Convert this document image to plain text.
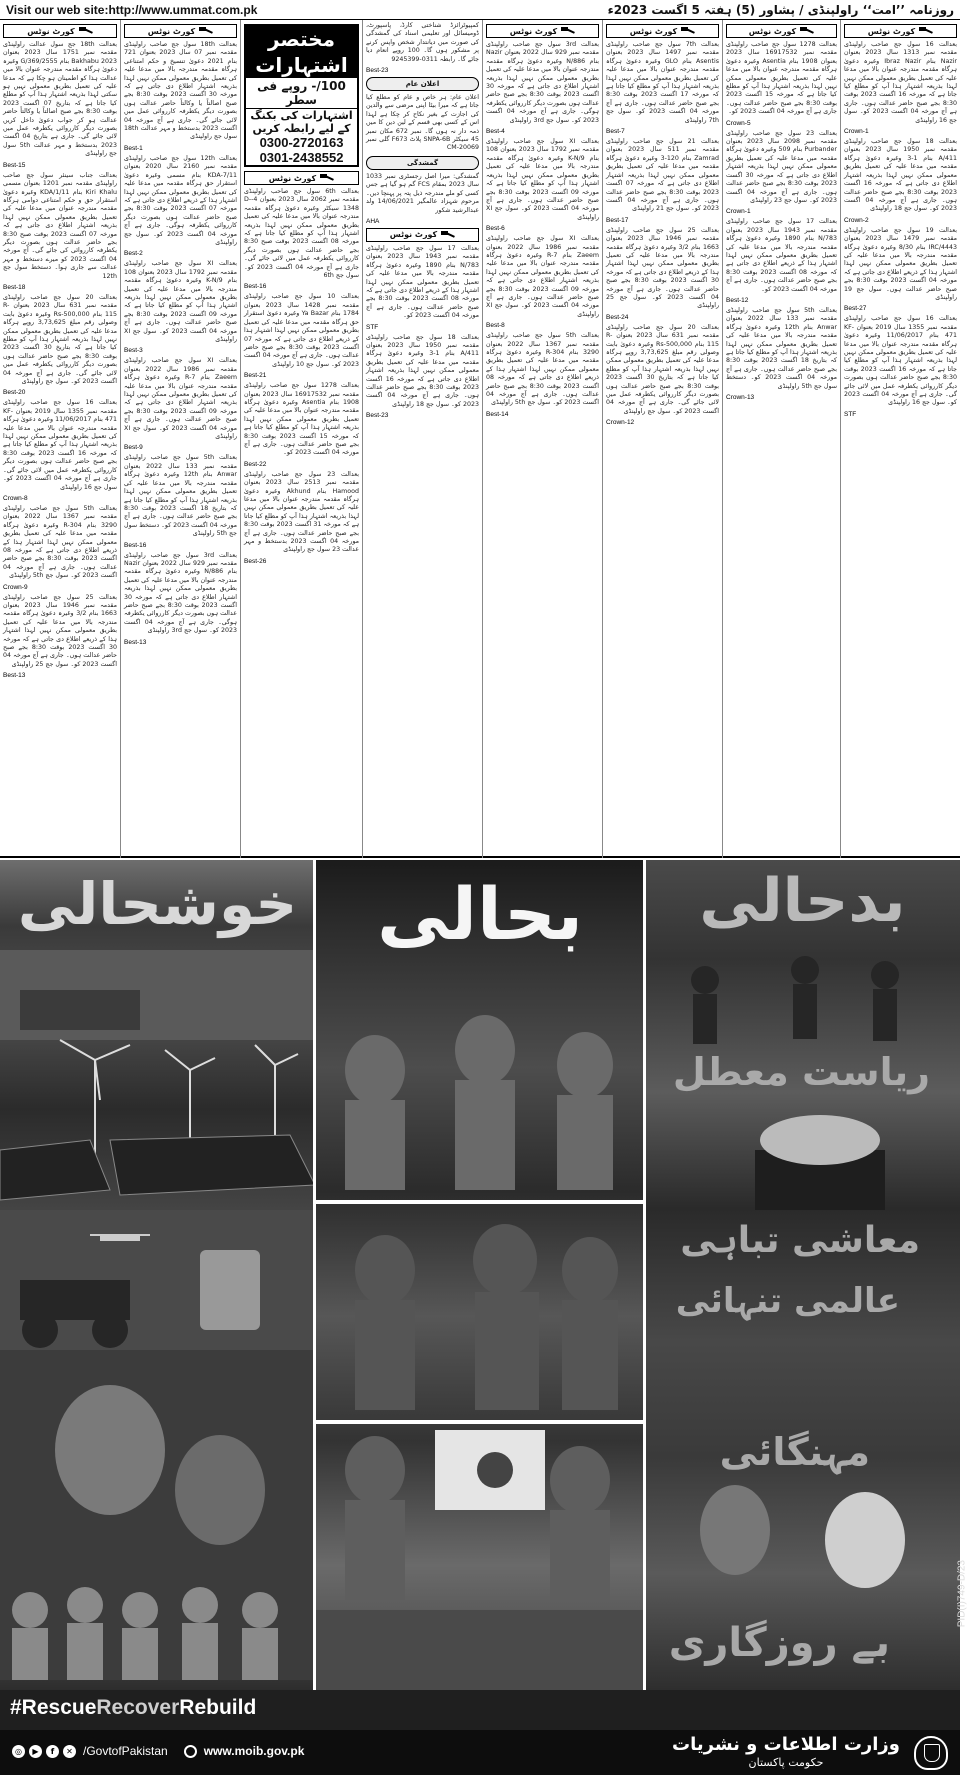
Visit our web site:http://www.ummat.com.pk	روزنامہ ’’امت‘‘ راولپنڈی / پشاور (5) ہفتہ 5 اگست 2023ء
کورٹ نوٹس
بعدالت 18th جج سول عدالت راولپنڈی مقدمہ نمبر 1751 سال 2023 بعنوان 2023 Bakhabu بنام 2555/G/369 وغیرہ دعویٰ ہرگاہ مقدمہ مندرجہ عنوان بالا میں عدالت ہذا کو اطمینان ہو چکا ہے کہ مدعا علیہ کی تعمیل بطریق معمولی نہیں ہو سکتی لہذا بذریعہ اشتہار ہذا آپ کو مطلع کیا جاتا ہے کہ بتاریخ 07 اگست 2023 بوقت 8:30 بجے صبح اصالتاً یا وکالتاً حاضر عدالت ہو کر جواب دعویٰ داخل کریں بصورت دیگر کارروائی یکطرفہ عمل میں لائی جائے گی۔ جاری ہے بتاریخ 04 اگست 2023 بدستخط و مہر عدالت 5th سول جج راولپنڈی
Best-15
بعدالت جناب سینئر سول جج صاحب راولپنڈی مقدمہ نمبر 1201 بعنوان مسمی Kiri Khalu بنام KDA/1/11 وغیرہ دعویٰ استقرار حق و حکم امتناعی دوامی ہرگاہ مقدمہ مندرجہ عنوان میں مدعا علیہ کی تعمیل بطریق معمولی ممکن نہیں لہذا بذریعہ اشتہار اطلاع دی جاتی ہے کہ مورخہ 07 اگست 2023 بوقت صبح 8:30 بجے حاضر عدالت ہوں بصورت دیگر یکطرفہ کارروائی کی جائے گی۔ آج مورخہ 04 اگست 2023 کو میرے دستخط و مہر عدالت سے جاری ہوا۔ دستخط سول جج 12th
Best-18
بعدالت 20 سول جج صاحب راولپنڈی مقدمہ نمبر 631 سال 2023 بعنوان R-115 بنام Rs-500,000 وغیرہ دعویٰ بابت وصولی رقم مبلغ 3,73,625 روپے ہرگاہ مدعا علیہ کی تعمیل بطریق معمولی ممکن نہیں لہذا بذریعہ اشتہار ہذا آپ کو مطلع کیا جاتا ہے کہ بتاریخ 30 اگست 2023 بوقت 8:30 بجے صبح حاضر عدالت ہوں بصورت دیگر کارروائی یکطرفہ عمل میں لائی جائے گی۔ جاری ہے آج مورخہ 04 اگست 2023 کو۔ سول جج راولپنڈی
Best-20
بعدالت 16 سول جج صاحب راولپنڈی مقدمہ نمبر 1355 سال 2019 بعنوان KF-471 بنام 11/06/2017 وغیرہ دعویٰ ہرگاہ مقدمہ مندرجہ عنوان بالا میں مدعا علیہ کی تعمیل بطریق معمولی ممکن نہیں لہذا بذریعہ اشتہار ہذا آپ کو مطلع کیا جاتا ہے کہ مورخہ 16 اگست 2023 بوقت 8:30 بجے صبح حاضر عدالت ہوں بصورت دیگر کارروائی یکطرفہ عمل میں لائی جائے گی۔ جاری ہے آج مورخہ 04 اگست 2023 کو۔ سول جج 16 راولپنڈی
Crown-8
بعدالت 5th سول جج صاحب راولپنڈی مقدمہ نمبر 1367 سال 2022 بعنوان 3290 بنام R-304 وغیرہ دعویٰ ہرگاہ مقدمہ میں مدعا علیہ کی تعمیل بطریق معمولی ممکن نہیں لہذا اشتہار ہذا کے ذریعے اطلاع دی جاتی ہے کہ مورخہ 08 اگست 2023 بوقت 8:30 بجے صبح حاضر عدالت ہوں۔ جاری ہے آج مورخہ 04 اگست 2023 کو۔ سول جج 5th راولپنڈی
Crown-9
بعدالت 25 سول جج صاحب راولپنڈی مقدمہ نمبر 1946 سال 2023 بعنوان 1663 بنام 3/2 وغیرہ دعویٰ ہرگاہ مقدمہ مندرجہ بالا میں مدعا علیہ کی تعمیل بطریق معمولی ممکن نہیں لہذا اشتہار ہذا کے ذریعے اطلاع دی جاتی ہے کہ مورخہ 30 اگست 2023 بوقت 8:30 بجے صبح حاضر عدالت ہوں۔ جاری ہے آج مورخہ 04 اگست 2023 کو۔ سول جج 25 راولپنڈی
Best-13
کورٹ نوٹس
بعدالت 18th سول جج صاحب راولپنڈی مقدمہ نمبر 07 سال 2023 بعنوان 721 بنام 2021 دعویٰ تنسیخ و حکم امتناعی ہرگاہ مقدمہ مندرجہ بالا میں مدعا علیہ کی تعمیل بطریق معمولی ممکن نہیں لہذا بذریعہ اشتہار اطلاع دی جاتی ہے کہ مورخہ 30 اگست 2023 بوقت 8:30 بجے صبح اصالتاً یا وکالتاً حاضر عدالت ہوں بصورت دیگر یکطرفہ کارروائی عمل میں لائی جائے گی۔ جاری ہے آج مورخہ 04 اگست 2023 بدستخط و مہر عدالت 18th سول جج راولپنڈی
Best-1
بعدالت 12th سول جج صاحب راولپنڈی مقدمہ نمبر 2160 سال 2020 بعنوان KDA-7/11 بنام مسمی وغیرہ دعویٰ استقرار حق ہرگاہ مقدمہ میں مدعا علیہ کی تعمیل بطریق معمولی ممکن نہیں لہذا اشتہار ہذا کے ذریعے اطلاع دی جاتی ہے کہ مورخہ 07 اگست 2023 بوقت 8:30 بجے صبح حاضر عدالت ہوں بصورت دیگر کارروائی یکطرفہ ہوگی۔ جاری ہے آج مورخہ 04 اگست 2023 کو۔ سول جج راولپنڈی
Best-2
بعدالت XI سول جج صاحب راولپنڈی مقدمہ نمبر 1792 سال 2023 بعنوان 108 بنام K-N/9 وغیرہ دعویٰ ہرگاہ مقدمہ مندرجہ بالا میں مدعا علیہ کی تعمیل بطریق معمولی ممکن نہیں لہذا بذریعہ اشتہار ہذا آپ کو مطلع کیا جاتا ہے کہ مورخہ 09 اگست 2023 بوقت 8:30 بجے صبح حاضر عدالت ہوں۔ جاری ہے آج مورخہ 04 اگست 2023 کو۔ سول جج XI راولپنڈی
Best-3
بعدالت XI سول جج صاحب راولپنڈی مقدمہ نمبر 1986 سال 2022 بعنوان Zaeem بنام R-7 وغیرہ دعویٰ ہرگاہ مقدمہ مندرجہ عنوان بالا میں مدعا علیہ کی تعمیل بطریق معمولی ممکن نہیں لہذا بذریعہ اشتہار اطلاع دی جاتی ہے کہ مورخہ 09 اگست 2023 بوقت 8:30 بجے صبح حاضر عدالت ہوں۔ جاری ہے آج مورخہ 04 اگست 2023 کو۔ سول جج XI راولپنڈی
Best-9
بعدالت 5th سول جج صاحب راولپنڈی مقدمہ نمبر 133 سال 2022 بعنوان Anwar بنام 12th وغیرہ دعویٰ ہرگاہ مقدمہ مندرجہ بالا میں مدعا علیہ کی تعمیل بطریق معمولی ممکن نہیں لہذا بذریعہ اشتہار ہذا آپ کو مطلع کیا جاتا ہے کہ بتاریخ 18 اگست 2023 بوقت 8:30 بجے صبح حاضر عدالت ہوں۔ جاری ہے آج مورخہ 04 اگست 2023 کو۔ دستخط سول جج 5th راولپنڈی
Best-16
بعدالت 3rd سول جج صاحب راولپنڈی مقدمہ نمبر 929 سال 2022 بعنوان Nazir بنام N/886 وغیرہ دعویٰ ہرگاہ مقدمہ مندرجہ عنوان بالا میں مدعا علیہ کی تعمیل بطریق معمولی ممکن نہیں لہذا بذریعہ اشتہار اطلاع دی جاتی ہے کہ مورخہ 30 اگست 2023 بوقت 8:30 بجے صبح حاضر عدالت ہوں بصورت دیگر کارروائی یکطرفہ ہوگی۔ جاری ہے آج مورخہ 04 اگست 2023 کو۔ سول جج 3rd راولپنڈی
Best-13
مختصر اشتہارات
100/- روپے فی سطر
اشتہارات کی بکنگ کے لیے رابطہ کریں
0300-2720163
0301-2438552
کورٹ نوٹس
بعدالت 6th سول جج صاحب راولپنڈی مقدمہ نمبر 2062 سال 2023 بعنوان 4-D-1348 سیکٹر وغیرہ دعویٰ ہرگاہ مقدمہ مندرجہ عنوان بالا میں مدعا علیہ کی تعمیل بطریق معمولی ممکن نہیں لہذا بذریعہ اشتہار ہذا آپ کو مطلع کیا جاتا ہے کہ مورخہ 08 اگست 2023 بوقت صبح 8:30 بجے حاضر عدالت ہوں بصورت دیگر کارروائی یکطرفہ عمل میں لائی جائے گی۔ جاری ہے آج مورخہ 04 اگست 2023 کو۔ سول جج 6th
Best-16
بعدالت 10 سول جج صاحب راولپنڈی مقدمہ نمبر 1428 سال 2023 بعنوان 1784 بنام Ya Bazar وغیرہ دعویٰ استقرار حق ہرگاہ مقدمہ میں مدعا علیہ کی تعمیل بطریق معمولی ممکن نہیں لہذا اشتہار ہذا کے ذریعے اطلاع دی جاتی ہے کہ مورخہ 07 اگست 2023 بوقت 8:30 بجے صبح حاضر عدالت ہوں۔ جاری ہے آج مورخہ 04 اگست 2023 کو۔ سول جج 10 راولپنڈی
Best-21
بعدالت 1278 سول جج صاحب راولپنڈی مقدمہ نمبر 16917532 سال 2023 بعنوان 1908 بنام Asentia وغیرہ دعویٰ ہرگاہ مقدمہ مندرجہ عنوان بالا میں مدعا علیہ کی تعمیل بطریق معمولی ممکن نہیں لہذا بذریعہ اشتہار ہذا آپ کو مطلع کیا جاتا ہے کہ مورخہ 15 اگست 2023 بوقت 8:30 بجے صبح حاضر عدالت ہوں۔ جاری ہے آج مورخہ 04 اگست 2023 کو۔
Best-22
بعدالت 23 سول جج صاحب راولپنڈی مقدمہ نمبر 2513 سال 2023 بعنوان Hamood بنام Akhund وغیرہ دعویٰ ہرگاہ مقدمہ مندرجہ عنوان بالا میں مدعا علیہ کی تعمیل بطریق معمولی ممکن نہیں لہذا بذریعہ اشتہار ہذا آپ کو مطلع کیا جاتا ہے کہ مورخہ 31 اگست 2023 بوقت 8:30 بجے صبح حاضر عدالت ہوں۔ جاری ہے آج مورخہ 04 اگست 2023 بدستخط و مہر عدالت 23 سول جج راولپنڈی
Best-26
کمپیوٹرائزڈ شناختی کارڈ، پاسپورٹ، ڈومیسائل اور تعلیمی اسناد کی گمشدگی کی صورت میں دیانتدار شخص واپس کرنے پر مشکور ہوں گا۔ 100 روپے انعام دیا جائے گا۔ رابطہ 0311-9245399
Best-23
اعلان عام
اعلان عام: ہر خاص و عام کو مطلع کیا جاتا ہے کہ میرا بیٹا اپنی مرضی سے والدین کی اجازت کے بغیر نکاح کر چکا ہے لہذا اس کے کسی بھی قسم کے لین دین کا میں ذمہ دار نہ ہوں گا۔ نمبر 672 مکان نمبر 45 سیکٹر SNPA-6B پلاٹ F673 گلی نمبر CM-20069
گمشدگی
گمشدگی: میرا اصل رجسٹری نمبر 1033 سال 2023 بمقام FCS گم ہو گیا ہے جس کسی کو ملے مندرجہ ذیل پتہ پر پہنچا دیں۔ مرحوم شہزاد عالمگیر 14/06/2021 ولد عبدالرشید شکور
AHA
کورٹ نوٹس
بعدالت 17 سول جج صاحب راولپنڈی مقدمہ نمبر 1943 سال 2023 بعنوان N/783 بنام 1890 وغیرہ دعویٰ ہرگاہ مقدمہ مندرجہ بالا میں مدعا علیہ کی تعمیل بطریق معمولی ممکن نہیں لہذا اشتہار ہذا کے ذریعے اطلاع دی جاتی ہے کہ مورخہ 08 اگست 2023 بوقت 8:30 بجے صبح حاضر عدالت ہوں۔ جاری ہے آج مورخہ 04 اگست 2023 کو۔
STF
بعدالت 18 سول جج صاحب راولپنڈی مقدمہ نمبر 1950 سال 2023 بعنوان A/411 بنام 1-3 وغیرہ دعویٰ ہرگاہ مقدمہ میں مدعا علیہ کی تعمیل بطریق معمولی ممکن نہیں لہذا بذریعہ اشتہار اطلاع دی جاتی ہے کہ مورخہ 16 اگست 2023 بوقت 8:30 بجے صبح حاضر عدالت ہوں۔ جاری ہے آج مورخہ 04 اگست 2023 کو۔ سول جج 18 راولپنڈی
Best-23
کورٹ نوٹس
بعدالت 3rd سول جج صاحب راولپنڈی مقدمہ نمبر 929 سال 2022 بعنوان Nazir بنام N/886 وغیرہ دعویٰ ہرگاہ مقدمہ مندرجہ عنوان بالا میں مدعا علیہ کی تعمیل بطریق معمولی ممکن نہیں لہذا بذریعہ اشتہار اطلاع دی جاتی ہے کہ مورخہ 30 اگست 2023 بوقت 8:30 بجے صبح حاضر عدالت ہوں بصورت دیگر کارروائی یکطرفہ ہوگی۔ جاری ہے آج مورخہ 04 اگست 2023 کو۔ سول جج 3rd راولپنڈی
Best-4
بعدالت XI سول جج صاحب راولپنڈی مقدمہ نمبر 1792 سال 2023 بعنوان 108 بنام K-N/9 وغیرہ دعویٰ ہرگاہ مقدمہ مندرجہ بالا میں مدعا علیہ کی تعمیل بطریق معمولی ممکن نہیں لہذا بذریعہ اشتہار ہذا آپ کو مطلع کیا جاتا ہے کہ مورخہ 09 اگست 2023 بوقت 8:30 بجے صبح حاضر عدالت ہوں۔ جاری ہے آج مورخہ 04 اگست 2023 کو۔ سول جج XI راولپنڈی
Best-6
بعدالت XI سول جج صاحب راولپنڈی مقدمہ نمبر 1986 سال 2022 بعنوان Zaeem بنام R-7 وغیرہ دعویٰ ہرگاہ مقدمہ مندرجہ عنوان بالا میں مدعا علیہ کی تعمیل بطریق معمولی ممکن نہیں لہذا بذریعہ اشتہار اطلاع دی جاتی ہے کہ مورخہ 09 اگست 2023 بوقت 8:30 بجے صبح حاضر عدالت ہوں۔ جاری ہے آج مورخہ 04 اگست 2023 کو۔ سول جج XI راولپنڈی
Best-8
بعدالت 5th سول جج صاحب راولپنڈی مقدمہ نمبر 1367 سال 2022 بعنوان 3290 بنام R-304 وغیرہ دعویٰ ہرگاہ مقدمہ میں مدعا علیہ کی تعمیل بطریق معمولی ممکن نہیں لہذا اشتہار ہذا کے ذریعے اطلاع دی جاتی ہے کہ مورخہ 08 اگست 2023 بوقت 8:30 بجے صبح حاضر عدالت ہوں۔ جاری ہے آج مورخہ 04 اگست 2023 کو۔ سول جج 5th راولپنڈی
Best-14
کورٹ نوٹس
بعدالت 7th سول جج صاحب راولپنڈی مقدمہ نمبر 1497 سال 2023 بعنوان Asentis بنام GLO وغیرہ دعویٰ ہرگاہ مقدمہ مندرجہ عنوان بالا میں مدعا علیہ کی تعمیل بطریق معمولی ممکن نہیں لہذا بذریعہ اشتہار ہذا آپ کو مطلع کیا جاتا ہے کہ مورخہ 17 اگست 2023 بوقت 8:30 بجے صبح حاضر عدالت ہوں۔ جاری ہے آج مورخہ 04 اگست 2023 کو۔ سول جج 7th راولپنڈی
Best-7
بعدالت 21 سول جج صاحب راولپنڈی مقدمہ نمبر 511 سال 2023 بعنوان Zamrad بنام 120-3 وغیرہ دعویٰ ہرگاہ مقدمہ میں مدعا علیہ کی تعمیل بطریق معمولی ممکن نہیں لہذا بذریعہ اشتہار اطلاع دی جاتی ہے کہ مورخہ 07 اگست 2023 بوقت 8:30 بجے صبح حاضر عدالت ہوں۔ جاری ہے آج مورخہ 04 اگست 2023 کو۔ سول جج 21 راولپنڈی
Best-17
بعدالت 25 سول جج صاحب راولپنڈی مقدمہ نمبر 1946 سال 2023 بعنوان 1663 بنام 3/2 وغیرہ دعویٰ ہرگاہ مقدمہ مندرجہ بالا میں مدعا علیہ کی تعمیل بطریق معمولی ممکن نہیں لہذا اشتہار ہذا کے ذریعے اطلاع دی جاتی ہے کہ مورخہ 30 اگست 2023 بوقت 8:30 بجے صبح حاضر عدالت ہوں۔ جاری ہے آج مورخہ 04 اگست 2023 کو۔ سول جج 25 راولپنڈی
Best-24
بعدالت 20 سول جج صاحب راولپنڈی مقدمہ نمبر 631 سال 2023 بعنوان R-115 بنام Rs-500,000 وغیرہ دعویٰ بابت وصولی رقم مبلغ 3,73,625 روپے ہرگاہ مدعا علیہ کی تعمیل بطریق معمولی ممکن نہیں لہذا بذریعہ اشتہار ہذا آپ کو مطلع کیا جاتا ہے کہ بتاریخ 30 اگست 2023 بوقت 8:30 بجے صبح حاضر عدالت ہوں بصورت دیگر کارروائی یکطرفہ عمل میں لائی جائے گی۔ جاری ہے آج مورخہ 04 اگست 2023 کو۔ سول جج راولپنڈی
Crown-12
کورٹ نوٹس
بعدالت 1278 سول جج صاحب راولپنڈی مقدمہ نمبر 16917532 سال 2023 بعنوان 1908 بنام Asentia وغیرہ دعویٰ ہرگاہ مقدمہ مندرجہ عنوان بالا میں مدعا علیہ کی تعمیل بطریق معمولی ممکن نہیں لہذا بذریعہ اشتہار ہذا آپ کو مطلع کیا جاتا ہے کہ مورخہ 15 اگست 2023 بوقت 8:30 بجے صبح حاضر عدالت ہوں۔ جاری ہے آج مورخہ 04 اگست 2023 کو۔
Crown-5
بعدالت 23 سول جج صاحب راولپنڈی مقدمہ نمبر 2098 سال 2023 بعنوان Purbander بنام 509 وغیرہ دعویٰ ہرگاہ مقدمہ میں مدعا علیہ کی تعمیل بطریق معمولی ممکن نہیں لہذا بذریعہ اشتہار اطلاع دی جاتی ہے کہ مورخہ 30 اگست 2023 بوقت 8:30 بجے صبح حاضر عدالت ہوں۔ جاری ہے آج مورخہ 04 اگست 2023 کو۔ سول جج 23 راولپنڈی
Crown-1
بعدالت 17 سول جج صاحب راولپنڈی مقدمہ نمبر 1943 سال 2023 بعنوان N/783 بنام 1890 وغیرہ دعویٰ ہرگاہ مقدمہ مندرجہ بالا میں مدعا علیہ کی تعمیل بطریق معمولی ممکن نہیں لہذا اشتہار ہذا کے ذریعے اطلاع دی جاتی ہے کہ مورخہ 08 اگست 2023 بوقت 8:30 بجے صبح حاضر عدالت ہوں۔ جاری ہے آج مورخہ 04 اگست 2023 کو۔
Best-12
بعدالت 5th سول جج صاحب راولپنڈی مقدمہ نمبر 133 سال 2022 بعنوان Anwar بنام 12th وغیرہ دعویٰ ہرگاہ مقدمہ مندرجہ بالا میں مدعا علیہ کی تعمیل بطریق معمولی ممکن نہیں لہذا بذریعہ اشتہار ہذا آپ کو مطلع کیا جاتا ہے کہ بتاریخ 18 اگست 2023 بوقت 8:30 بجے صبح حاضر عدالت ہوں۔ جاری ہے آج مورخہ 04 اگست 2023 کو۔ دستخط سول جج 5th راولپنڈی
Crown-13
کورٹ نوٹس
بعدالت 16 سول جج صاحب راولپنڈی مقدمہ نمبر 1313 سال 2023 بعنوان Nazir بنام Ibraz Nazir وغیرہ دعویٰ ہرگاہ مقدمہ مندرجہ عنوان بالا میں مدعا علیہ کی تعمیل بطریق معمولی ممکن نہیں لہذا بذریعہ اشتہار ہذا آپ کو مطلع کیا جاتا ہے کہ مورخہ 16 اگست 2023 بوقت 8:30 بجے صبح حاضر عدالت ہوں۔ جاری ہے آج مورخہ 04 اگست 2023 کو۔ سول جج 16 راولپنڈی
Crown-1
بعدالت 18 سول جج صاحب راولپنڈی مقدمہ نمبر 1950 سال 2023 بعنوان A/411 بنام 1-3 وغیرہ دعویٰ ہرگاہ مقدمہ میں مدعا علیہ کی تعمیل بطریق معمولی ممکن نہیں لہذا بذریعہ اشتہار اطلاع دی جاتی ہے کہ مورخہ 16 اگست 2023 بوقت 8:30 بجے صبح حاضر عدالت ہوں۔ جاری ہے آج مورخہ 04 اگست 2023 کو۔ سول جج 18 راولپنڈی
Crown-2
بعدالت 19 سول جج صاحب راولپنڈی مقدمہ نمبر 1479 سال 2023 بعنوان IRC/4443 بنام 8/30 وغیرہ دعویٰ ہرگاہ مقدمہ مندرجہ بالا میں مدعا علیہ کی تعمیل بطریق معمولی ممکن نہیں لہذا اشتہار ہذا کے ذریعے اطلاع دی جاتی ہے کہ مورخہ 04 اگست 2023 بوقت 8:30 بجے صبح حاضر عدالت ہوں۔ سول جج 19 راولپنڈی
Best-27
بعدالت 16 سول جج صاحب راولپنڈی مقدمہ نمبر 1355 سال 2019 بعنوان KF-471 بنام 11/06/2017 وغیرہ دعویٰ ہرگاہ مقدمہ مندرجہ عنوان بالا میں مدعا علیہ کی تعمیل بطریق معمولی ممکن نہیں لہذا بذریعہ اشتہار ہذا آپ کو مطلع کیا جاتا ہے کہ مورخہ 16 اگست 2023 بوقت 8:30 بجے صبح حاضر عدالت ہوں بصورت دیگر کارروائی یکطرفہ عمل میں لائی جائے گی۔ جاری ہے آج مورخہ 04 اگست 2023 کو۔ سول جج 16 راولپنڈی
STF
خوشحالی	بحالی	بدحالی
ریاست معطل
معاشی تباہی
عالمی تنہائی
مہنگائی
بے روزگاری
PID(I)749-D/23
#RescueRecoverRebuild
◎	▶	f	✕ /GovtofPakistan	www.moib.gov.pk	وزارت اطلاعات و نشریات
حکومت پاکستان
